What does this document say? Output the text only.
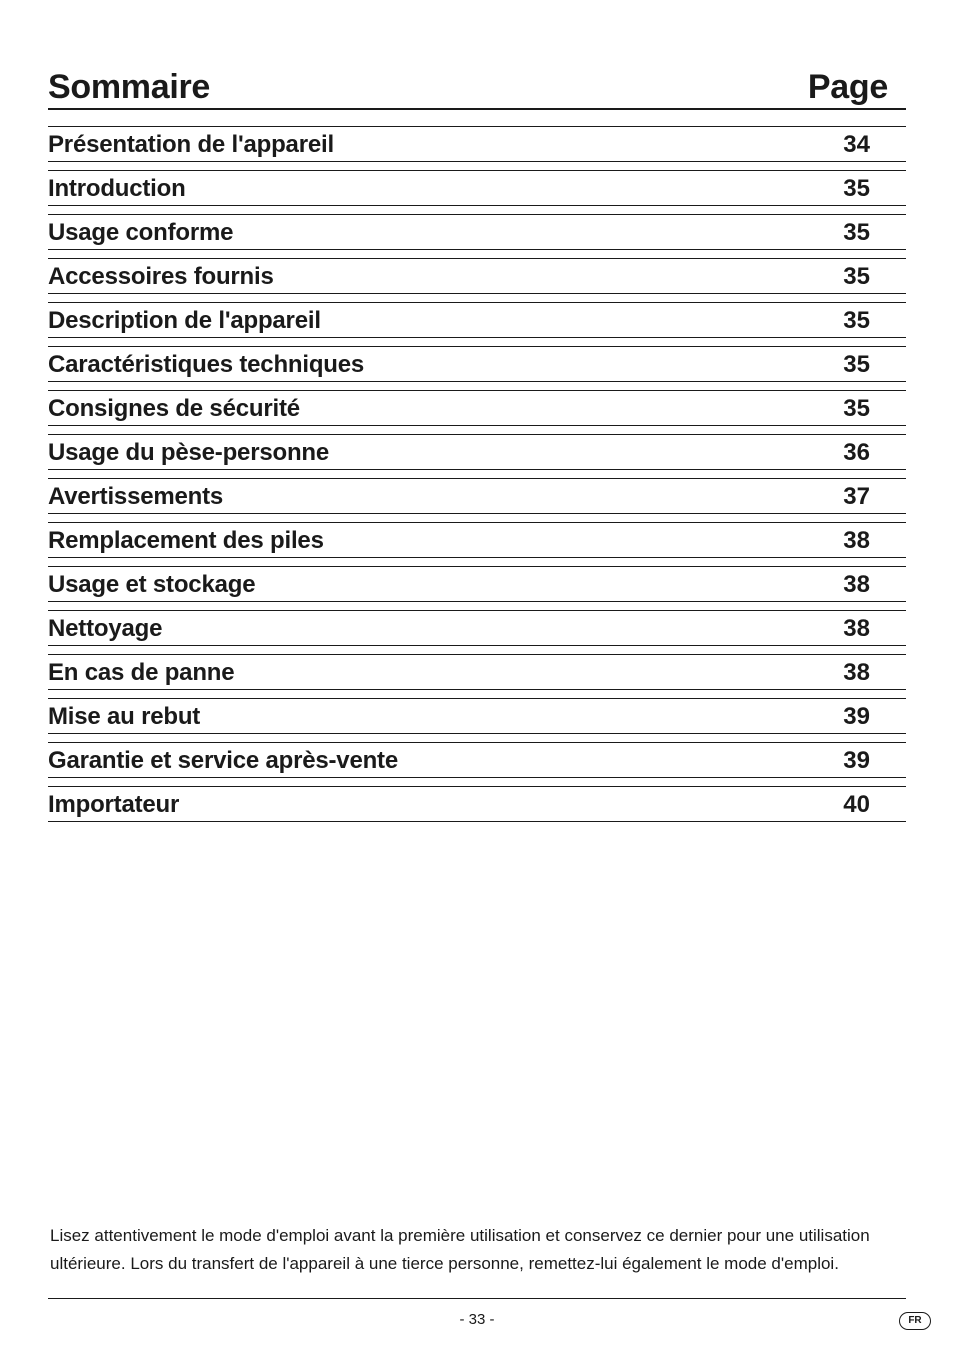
Sommaire	Page
Présentation de l'appareil	34
Introduction	35
Usage conforme	35
Accessoires fournis	35
Description de l'appareil	35
Caractéristiques techniques	35
Consignes de sécurité	35
Usage du pèse-personne	36
Avertissements	37
Remplacement des piles	38
Usage et stockage	38
Nettoyage	38
En cas de panne	38
Mise au rebut	39
Garantie et service après-vente	39
Importateur	40
Lisez attentivement le mode d'emploi avant la première utilisation et conservez ce dernier pour une utilisation
ultérieure. Lors du transfert de l'appareil à une tierce personne, remettez-lui également le mode d'emploi.
- 33 -	FR
